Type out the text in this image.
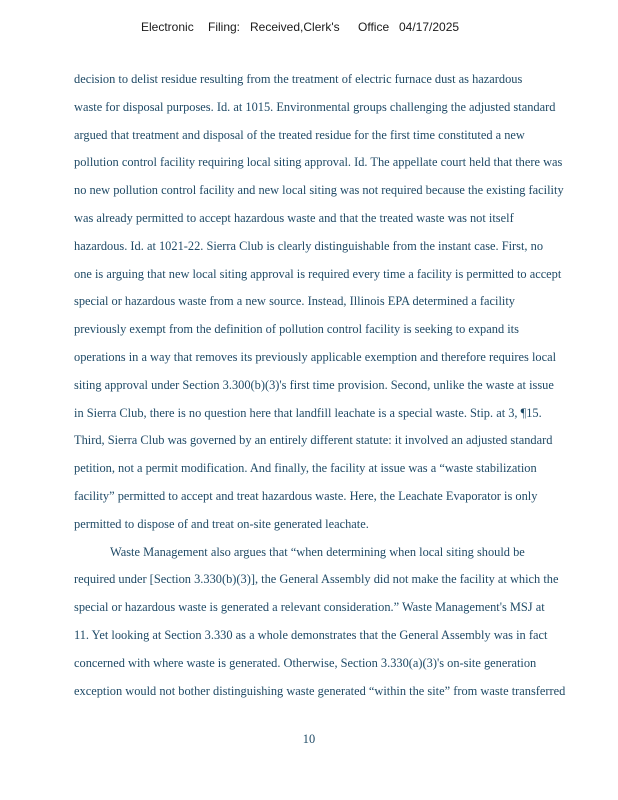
Electronic Filing: Received,Clerk's Office 04/17/2025
decision to delist residue resulting from the treatment of electric furnace dust as hazardous
waste for disposal purposes. Id. at 1015. Environmental groups challenging the adjusted standard
argued that treatment and disposal of the treated residue for the first time constituted a new
pollution control facility requiring local siting approval. Id. The appellate court held that there was
no new pollution control facility and new local siting was not required because the existing facility
was already permitted to accept hazardous waste and that the treated waste was not itself
hazardous. Id. at 1021-22. Sierra Club is clearly distinguishable from the instant case. First, no
one is arguing that new local siting approval is required every time a facility is permitted to accept
special or hazardous waste from a new source. Instead, Illinois EPA determined a facility
previously exempt from the definition of pollution control facility is seeking to expand its
operations in a way that removes its previously applicable exemption and therefore requires local
siting approval under Section 3.300(b)(3)'s first time provision. Second, unlike the waste at issue
in Sierra Club, there is no question here that landfill leachate is a special waste. Stip. at 3, ¶15.
Third, Sierra Club was governed by an entirely different statute: it involved an adjusted standard
petition, not a permit modification. And finally, the facility at issue was a “waste stabilization
facility” permitted to accept and treat hazardous waste. Here, the Leachate Evaporator is only
permitted to dispose of and treat on-site generated leachate.
Waste Management also argues that “when determining when local siting should be
required under [Section 3.330(b)(3)], the General Assembly did not make the facility at which the
special or hazardous waste is generated a relevant consideration.” Waste Management's MSJ at
11. Yet looking at Section 3.330 as a whole demonstrates that the General Assembly was in fact
concerned with where waste is generated. Otherwise, Section 3.330(a)(3)'s on-site generation
exception would not bother distinguishing waste generated “within the site” from waste transferred
10
